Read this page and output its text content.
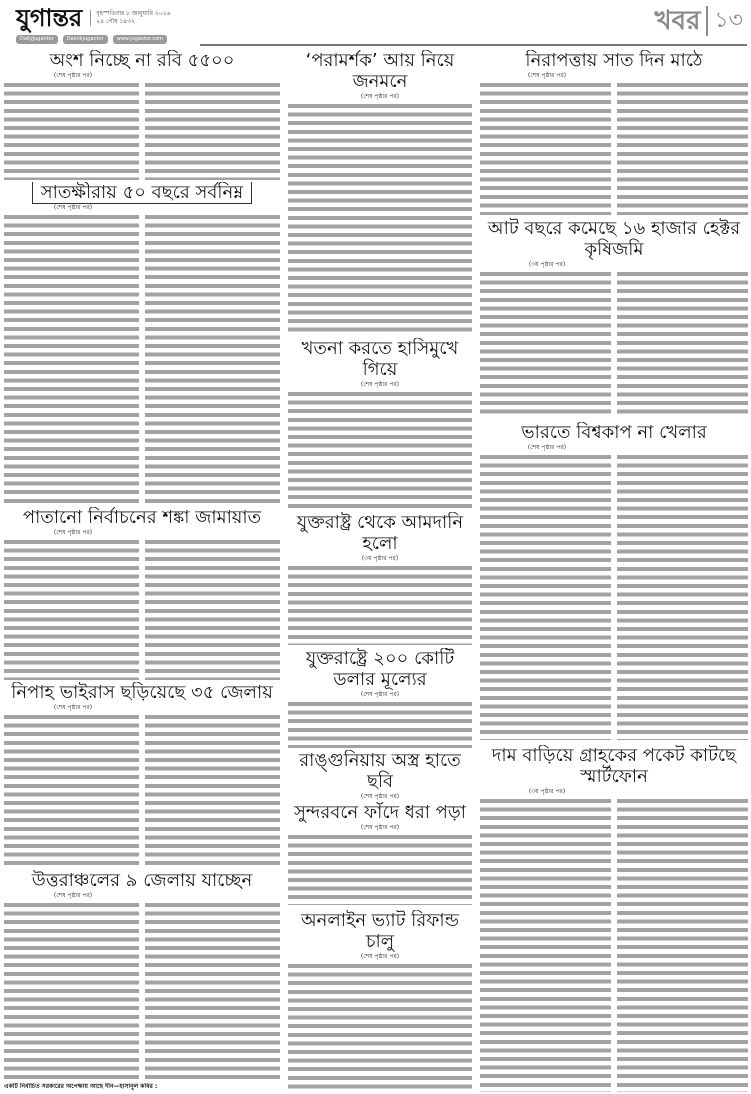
যুগান্তর বৃহস্পতিবার ৮ জানুয়ারি ২০২৬
২৪ পৌষ ১৪৩২
DailyJugantor	DainikJugantor	www.jugantor.com
খবর ১৩
অংশ নিচ্ছে না রবি ৫৫০০
(শেষ পৃষ্ঠার পর)
সাতক্ষীরায় ৫০ বছরে সর্বনিম্ন
(শেষ পৃষ্ঠার পর)
পাতানো নির্বাচনের শঙ্কা জামায়াত
(শেষ পৃষ্ঠার পর)
নিপাহ ভাইরাস ছড়িয়েছে ৩৫ জেলায়
(শেষ পৃষ্ঠার পর)
উত্তরাঞ্চলের ৯ জেলায় যাচ্ছেন
(শেষ পৃষ্ঠার পর)
‘পরামর্শক’ আয় নিয়ে জনমনে
(শেষ পৃষ্ঠার পর)
খতনা করতে হাসিমুখে গিয়ে
(শেষ পৃষ্ঠার পর)
যুক্তরাষ্ট্র থেকে আমদানি হলো
(৩য় পৃষ্ঠার পর)
যুক্তরাষ্ট্রে ২০০ কোটি ডলার মূল্যের
(শেষ পৃষ্ঠার পর)
রাঙ্গুনিয়ায় অস্ত্র হাতে ছবি
(শেষ পৃষ্ঠার পর)
সুন্দরবনে ফাঁদে ধরা পড়া
(শেষ পৃষ্ঠার পর)
অনলাইন ভ্যাট রিফান্ড চালু
(শেষ পৃষ্ঠার পর)
নিরাপত্তায় সাত দিন মাঠে
(শেষ পৃষ্ঠার পর)
আট বছরে কমেছে ১৬ হাজার হেক্টর কৃষিজমি
(৩য় পৃষ্ঠার পর)
ভারতে বিশ্বকাপ না খেলার
(শেষ পৃষ্ঠার পর)
দাম বাড়িয়ে গ্রাহকের পকেট কাটছে স্মার্টফোন
(৩য় পৃষ্ঠার পর)
একটি নির্বাচিত সরকারের অপেক্ষায় আছে দীন—হাসানুল কবির :
